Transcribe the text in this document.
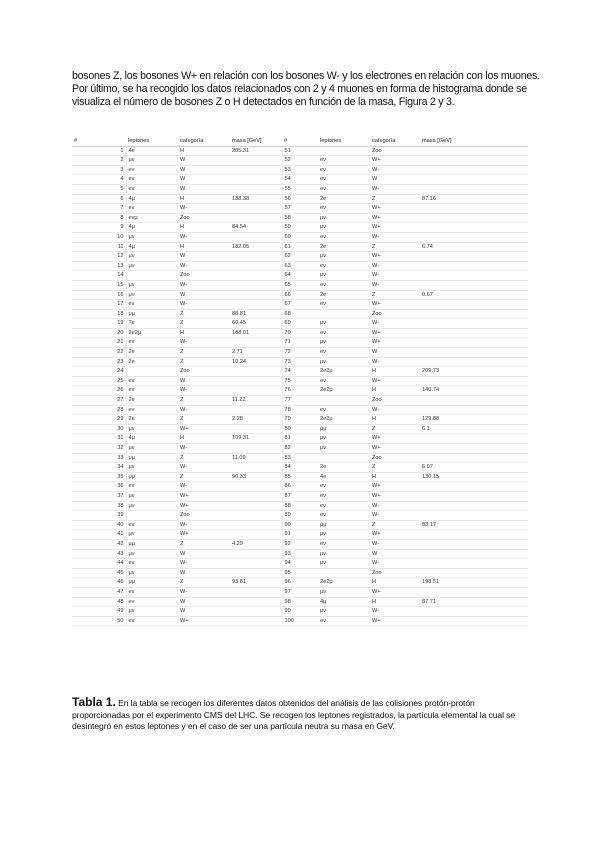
bosones Z, los bosones W+ en relación con los bosones W- y los electrones en relación con los muones.

Por último, se ha recogido los datos relacionados con 2 y 4 muones en forma de histograma donde se visualiza el número de bosones Z o H detectados en función de la masa, Figura 2 y 3.

#	leptones	categoría	masa [GeV]	#	leptones	categoría	masa [GeV]
1	4e	H	205.31	51		Zoo	
2	μν	W		52	eν	W+	
3	eν	W		53	eν	W-	
4	eν	W		54	eν	W	
5	eν	W		55	eν	W-	
6	4μ	H	138.38	56	2e	Z	87.16
7	eν	W-		57	eν	W+	
8	eνμ	Zoo		58	μν	W+	
9	4μ	H	84.54	59	μν	W+	
10	μν	W-		60	eν	W-	
11	4μ	H	182.05	61	2e	Z	6.74
12	μν	W		62	μν	W+	
13	μν	W-		63	eν	W-	
14		Zoo		64	μν	W-	
15	μν	W-		65	eν	W-	
16	μν	W		66	2e	Z	0.67
17	eν	W-		67	eν	W+	
18	μμ	Z	88.81	68		Zoo	
19	?e	Z	60.45	69	μν	W-	
20	2e2μ	H	188.01	70	eν	W+	
21	eν	W-		71	μν	W+	
22	2e	Z	2.71	72	eν	W	
23	2e	Z	10.24	73	μν	W-	
24		Zoo		74	2e2μ	H	209.73
25	eν	W		75	eν	W+	
26	eν	W-		76	2e2μ	H	140.74
27	2e	Z	11.22	77		Zoo	
28	eν	W-		78	eν	W-	
29	2e	Z	2.28	79	2e2μ	H	129.88
30	μν	W+		80	μμ	Z	6.1
31	4μ	H	109.31	81	μν	W+	
32	μν	W-		82	μν	W+	
33	μμ	Z	11.09	83		Zoo	
34	μν	W-		84	2e	Z	6.07
35	μμ	Z	90.33	85	4e	H	130.15
36	eν	W-		86	eν	W+	
37	μν	W+		87	eν	W+	
38	μν	W+		88	eν	W-	
39		Zoo		89	eν	W-	
40	eν	W-		90	μμ	Z	83.17
41	μν	W+		91	μν	W+	
42	μμ	Z	4.29	92	eν	W-	
43	μν	W		93	μν	W	
44	eν	W-		94	μν	W-	
45	μν	W		95		Zoo	
46	μμ	Z	93.81	96	2e2μ	H	198.51
47	eν	W-		97	μν	W+	
48	eν	W		98	4μ	H	87.71
49	μν	W		99	μν	W-	
50	eν	W+		100	eν	W+	
Tabla 1. En la tabla se recogen los diferentes datos obtenidos del análisis de las colisiones protón-protón proporcionadas por el experimento CMS del LHC. Se recogen los leptones registrados, la partícula elemental la cual se desintegró en estos leptones y en el caso de ser una partícula neutra su masa en GeV.
